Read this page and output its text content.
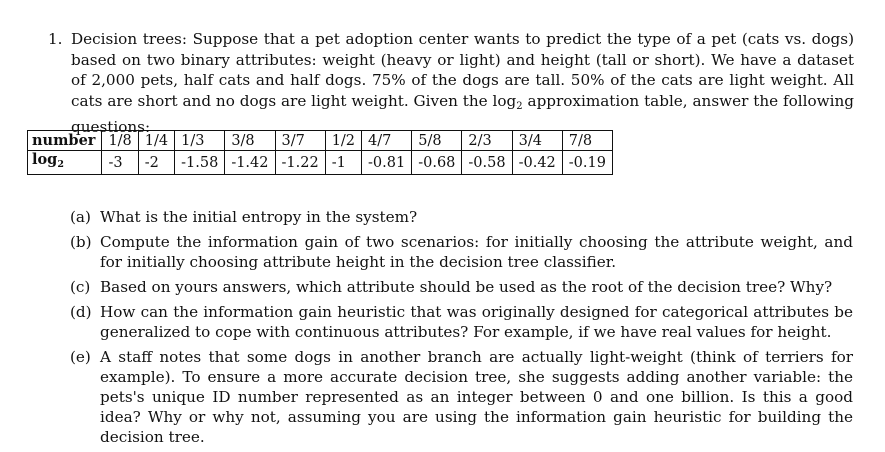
1. Decision trees: Suppose that a pet adoption center wants to predict the type of a pet (cats vs. dogs) based on two binary attributes: weight (heavy or light) and height (tall or short). We have a dataset of 2,000 pets, half cats and half dogs. 75% of the dogs are tall. 50% of the cats are light weight. All cats are short and no dogs are light weight. Given the $\log_2$ approximation table, answer the following questions:
number	1/8	1/4	1/3	3/8	3/7	1/2	4/7	5/8	2/3	3/4	7/8
$\log_2$	-3	-2	-1.58	-1.42	-1.22	-1	-0.81	-0.68	-0.58	-0.42	-0.19
(a) What is the initial entropy in the system?
(b) Compute the information gain of two scenarios: for initially choosing the attribute weight, and for initially choosing attribute height in the decision tree classifier.
(c) Based on yours answers, which attribute should be used as the root of the decision tree? Why?
(d) How can the information gain heuristic that was originally designed for categorical attributes be generalized to cope with continuous attributes? For example, if we have real values for height.
(e) A staff notes that some dogs in another branch are actually light-weight (think of terriers for example). To ensure a more accurate decision tree, she suggests adding another variable: the pets's unique ID number represented as an integer between 0 and one billion. Is this a good idea? Why or why not, assuming you are using the information gain heuristic for building the decision tree.
